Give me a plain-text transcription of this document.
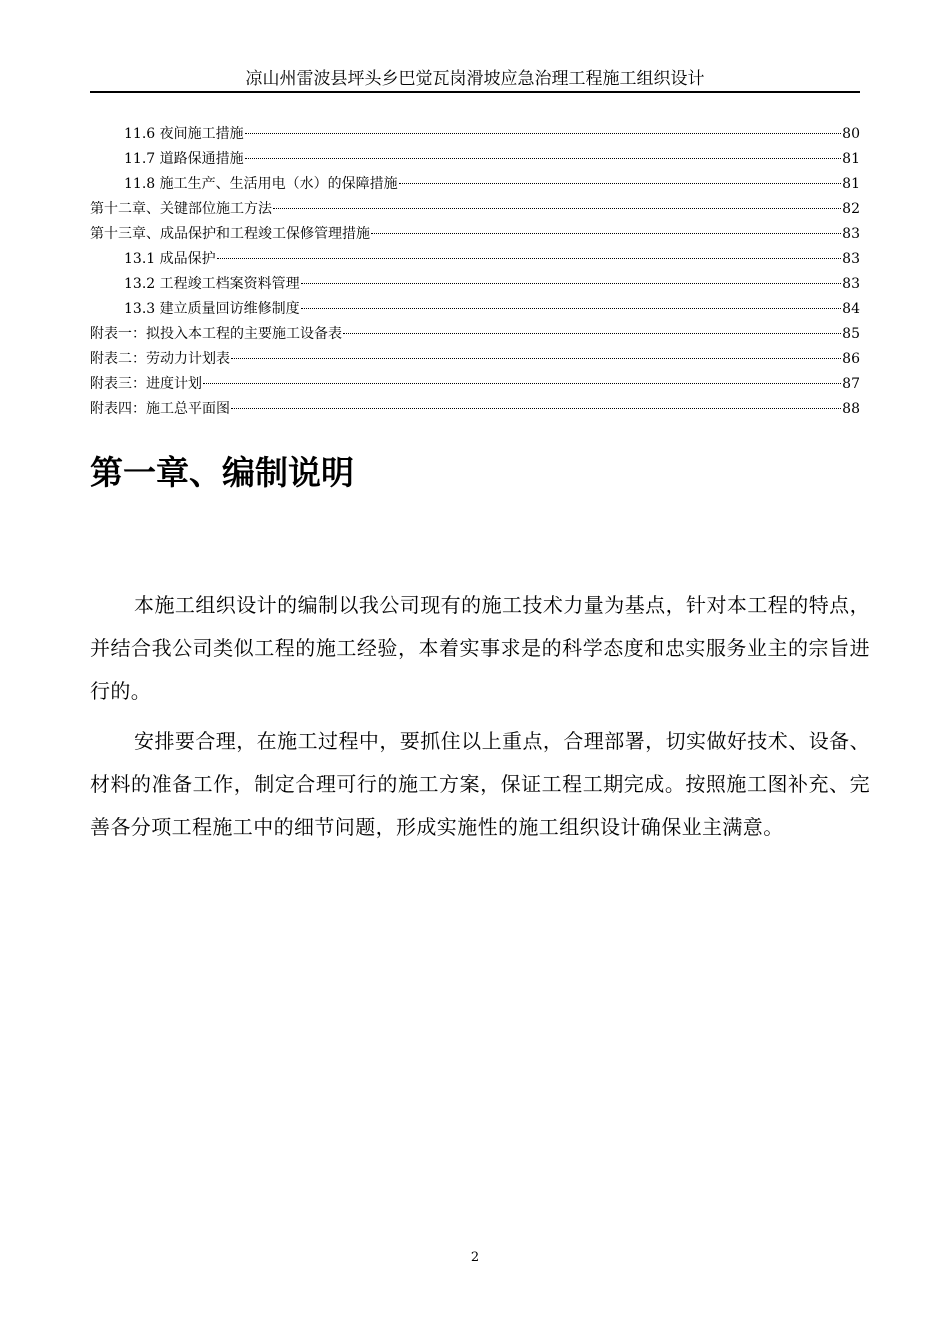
凉山州雷波县坪头乡巴觉瓦岗滑坡应急治理工程施工组织设计
11.6 夜间施工措施	80
11.7 道路保通措施	81
11.8 施工生产、生活用电（水）的保障措施	81
第十二章、关键部位施工方法	82
第十三章、成品保护和工程竣工保修管理措施	83
13.1 成品保护	83
13.2 工程竣工档案资料管理	83
13.3 建立质量回访维修制度	84
附表一：拟投入本工程的主要施工设备表	85
附表二：劳动力计划表	86
附表三：进度计划	87
附表四：施工总平面图	88
第一章、编制说明

本施工组织设计的编制以我公司现有的施工技术力量为基点，针对本工程的特点，并结合我公司类似工程的施工经验，本着实事求是的科学态度和忠实服务业主的宗旨进行的。

安排要合理，在施工过程中，要抓住以上重点，合理部署，切实做好技术、设备、材料的准备工作，制定合理可行的施工方案，保证工程工期完成。按照施工图补充、完善各分项工程施工中的细节问题，形成实施性的施工组织设计确保业主满意。

2
